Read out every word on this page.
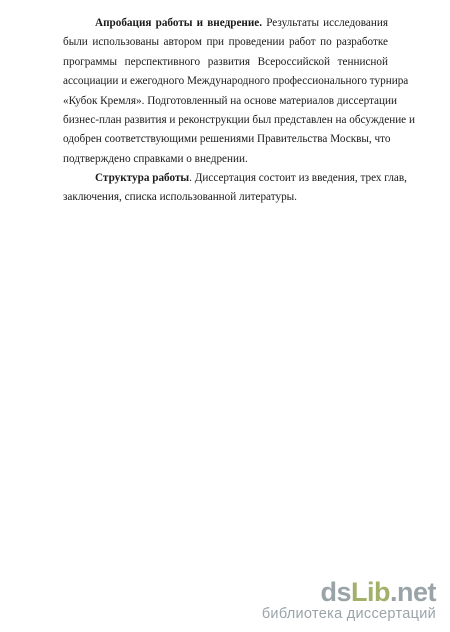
Апробация работы и внедрение. Результаты исследования
были использованы автором при проведении работ по разработке
программы перспективного развития Всероссийской теннисной
ассоциации и ежегодного Международного профессионального турнира
«Кубок Кремля». Подготовленный на основе материалов диссертации
бизнес-план развития и реконструкции был представлен на обсуждение и
одобрен соответствующими решениями Правительства Москвы, что
подтверждено справками о внедрении.
Структура работы. Диссертация состоит из введения, трех глав,
заключения, списка использованной литературы.
dsLib.net
библиотека диссертаций
